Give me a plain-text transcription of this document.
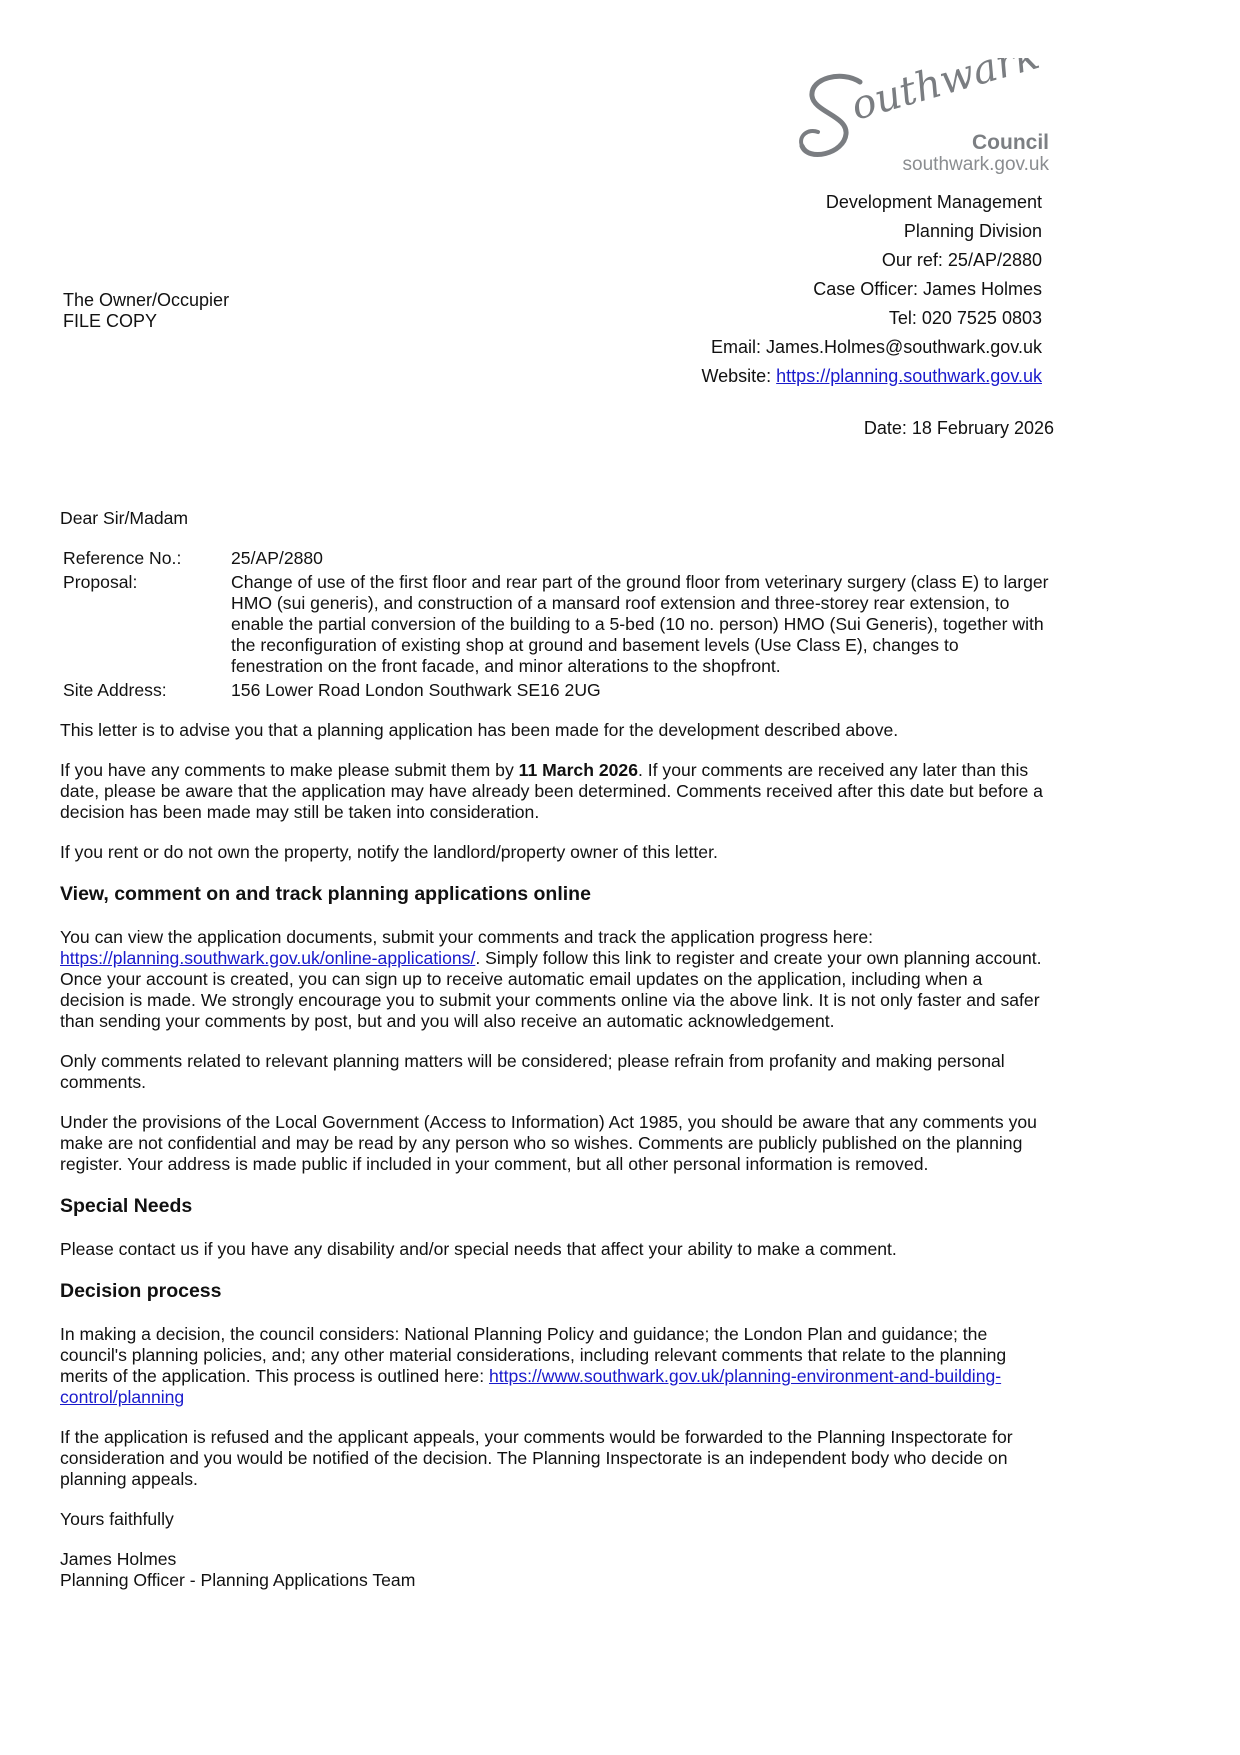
outhwark
Council
southwark.gov.uk
Development Management
Planning Division
Our ref: 25/AP/2880
Case Officer: James Holmes
Tel: 020 7525 0803
Email: James.Holmes@southwark.gov.uk
Website: https://planning.southwark.gov.uk
The Owner/Occupier
FILE COPY
Date: 18 February 2026

Dear Sir/Madam

Reference No.:	25/AP/2880
Proposal:	Change of use of the first floor and rear part of the ground floor from veterinary surgery (class E) to larger HMO (sui generis), and construction of a mansard roof extension and three-storey rear extension, to enable the partial conversion of the building to a 5-bed (10 no. person) HMO (Sui Generis), together with the reconfiguration of existing shop at ground and basement levels (Use Class E), changes to fenestration on the front facade, and minor alterations to the shopfront.
Site Address:	156 Lower Road London Southwark SE16 2UG

This letter is to advise you that a planning application has been made for the development described above.

If you have any comments to make please submit them by 11 March 2026. If your comments are received any later than this date, please be aware that the application may have already been determined. Comments received after this date but before a decision has been made may still be taken into consideration.

If you rent or do not own the property, notify the landlord/property owner of this letter.

View, comment on and track planning applications online

You can view the application documents, submit your comments and track the application progress here: https://planning.southwark.gov.uk/online-applications/. Simply follow this link to register and create your own planning account. Once your account is created, you can sign up to receive automatic email updates on the application, including when a decision is made. We strongly encourage you to submit your comments online via the above link. It is not only faster and safer than sending your comments by post, but and you will also receive an automatic acknowledgement.

Only comments related to relevant planning matters will be considered; please refrain from profanity and making personal comments.

Under the provisions of the Local Government (Access to Information) Act 1985, you should be aware that any comments you make are not confidential and may be read by any person who so wishes. Comments are publicly published on the planning register. Your address is made public if included in your comment, but all other personal information is removed.

Special Needs

Please contact us if you have any disability and/or special needs that affect your ability to make a comment.

Decision process

In making a decision, the council considers: National Planning Policy and guidance; the London Plan and guidance; the council's planning policies, and; any other material considerations, including relevant comments that relate to the planning merits of the application. This process is outlined here: https://www.southwark.gov.uk/planning-environment-and-building-control/planning

If the application is refused and the applicant appeals, your comments would be forwarded to the Planning Inspectorate for consideration and you would be notified of the decision. The Planning Inspectorate is an independent body who decide on planning appeals.

Yours faithfully

James Holmes
Planning Officer - Planning Applications Team
